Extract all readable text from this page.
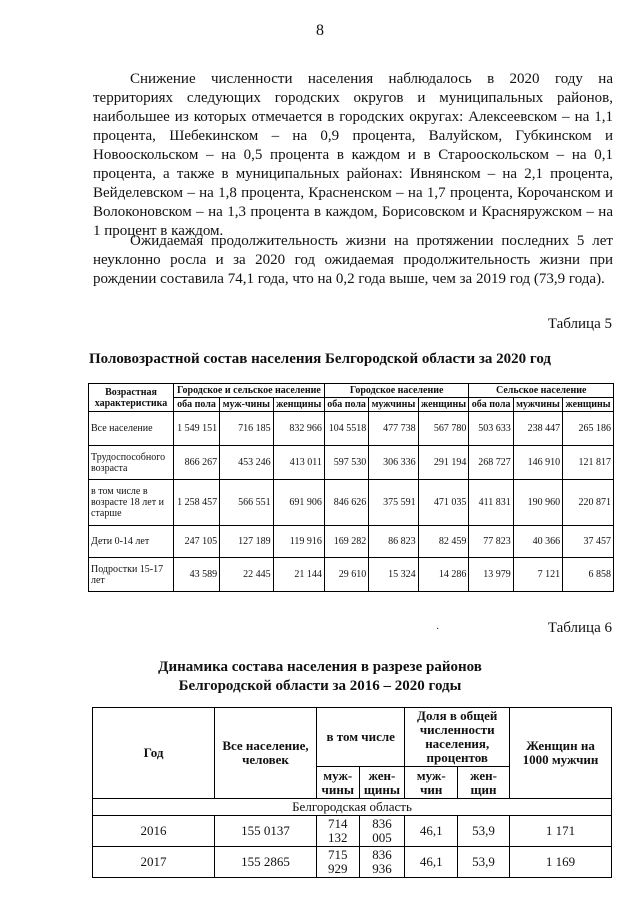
8
Снижение численности населения наблюдалось в 2020 году на территориях следующих городских округов и муниципальных районов, наибольшее из которых отмечается в городских округах: Алексеевском – на 1,1 процента, Шебекинском – на 0,9 процента, Валуйском, Губкинском и Новооскольском – на 0,5 процента в каждом и в Старооскольском – на 0,1 процента, а также в муниципальных районах: Ивнянском – на 2,1 процента, Вейделевском – на 1,8 процента, Красненском – на 1,7 процента, Корочанском и Волоконовском – на 1,3 процента в каждом, Борисовском и Красняружском – на 1 процент в каждом.
Ожидаемая продолжительность жизни на протяжении последних 5 лет неуклонно росла и за 2020 год ожидаемая продолжительность жизни при рождении составила 74,1 года, что на 0,2 года выше, чем за 2019 год (73,9 года).
Таблица 5
Половозрастной состав населения Белгородской области за 2020 год
Возрастная характеристика	Городское и сельское население			Городское население			Сельское население		
	оба пола	муж-чины	женщины	оба пола	мужчины	женщины	оба пола	мужчины	женщины
Все население	1 549 151	716 185	832 966	104 5518	477 738	567 780	503 633	238 447	265 186
Трудоспособного возраста	866 267	453 246	413 011	597 530	306 336	291 194	268 727	146 910	121 817
в том числе в возрасте 18 лет и старше	1 258 457	566 551	691 906	846 626	375 591	471 035	411 831	190 960	220 871
Дети 0-14 лет	247 105	127 189	119 916	169 282	86 823	82 459	77 823	40 366	37 457
Подростки 15-17 лет	43 589	22 445	21 144	29 610	15 324	14 286	13 979	7 121	6 858
·	Таблица 6
Динамика состава населения в разрезе районов
Белгородской области за 2016 – 2020 годы
Год	Все население, человек	в том числе		Доля в общей численности населения, процентов		Женщин на 1000 мужчин
		муж-чины	жен-щины	муж-чин	жен-щин	
Белгородская область						
2016	155 0137	714 132	836 005	46,1	53,9	1 171
2017	155 2865	715 929	836 936	46,1	53,9	1 169
